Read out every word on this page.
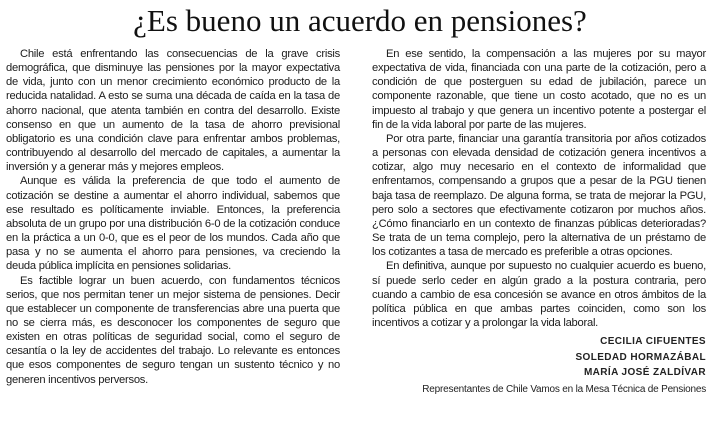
¿Es bueno un acuerdo en pensiones?

Chile está enfrentando las consecuencias de la grave crisis demográfica, que disminuye las pensiones por la mayor expectativa de vida, junto con un menor crecimiento económico producto de la reducida natalidad. A esto se suma una década de caída en la tasa de ahorro nacional, que atenta también en contra del desarrollo. Existe consenso en que un aumento de la tasa de ahorro previsional obligatorio es una condición clave para enfrentar ambos problemas, contribuyendo al desarrollo del mercado de capitales, a aumentar la inversión y a generar más y mejores empleos.

Aunque es válida la preferencia de que todo el aumento de cotización se destine a aumentar el ahorro individual, sabemos que ese resultado es políticamente inviable. Entonces, la preferencia absoluta de un grupo por una distribución 6-0 de la cotización conduce en la práctica a un 0-0, que es el peor de los mundos. Cada año que pasa y no se aumenta el ahorro para pensiones, va creciendo la deuda pública implícita en pensiones solidarias.

Es factible lograr un buen acuerdo, con fundamentos técnicos serios, que nos permitan tener un mejor sistema de pensiones. Decir que establecer un componente de transferencias abre una puerta que no se cierra más, es desconocer los componentes de seguro que existen en otras políticas de seguridad social, como el seguro de cesantía o la ley de accidentes del trabajo. Lo relevante es entonces que esos componentes de seguro tengan un sustento técnico y no generen incentivos perversos.

En ese sentido, la compensación a las mujeres por su mayor expectativa de vida, financiada con una parte de la cotización, pero a condición de que posterguen su edad de jubilación, parece un componente razonable, que tiene un costo acotado, que no es un impuesto al trabajo y que genera un incentivo potente a postergar el fin de la vida laboral por parte de las mujeres.

Por otra parte, financiar una garantía transitoria por años cotizados a personas con elevada densidad de cotización genera incentivos a cotizar, algo muy necesario en el contexto de informalidad que enfrentamos, compensando a grupos que a pesar de la PGU tienen baja tasa de reemplazo. De alguna forma, se trata de mejorar la PGU, pero solo a sectores que efectivamente cotizaron por muchos años. ¿Cómo financiarlo en un contexto de finanzas públicas deterioradas? Se trata de un tema complejo, pero la alternativa de un préstamo de los cotizantes a tasa de mercado es preferible a otras opciones.

En definitiva, aunque por supuesto no cualquier acuerdo es bueno, sí puede serlo ceder en algún grado a la postura contraria, pero cuando a cambio de esa concesión se avance en otros ámbitos de la política pública en que ambas partes coinciden, como son los incentivos a cotizar y a prolongar la vida laboral.

CECILIA CIFUENTES
SOLEDAD HORMAZÁBAL
MARÍA JOSÉ ZALDÍVAR
Representantes de Chile Vamos en la Mesa Técnica de Pensiones
